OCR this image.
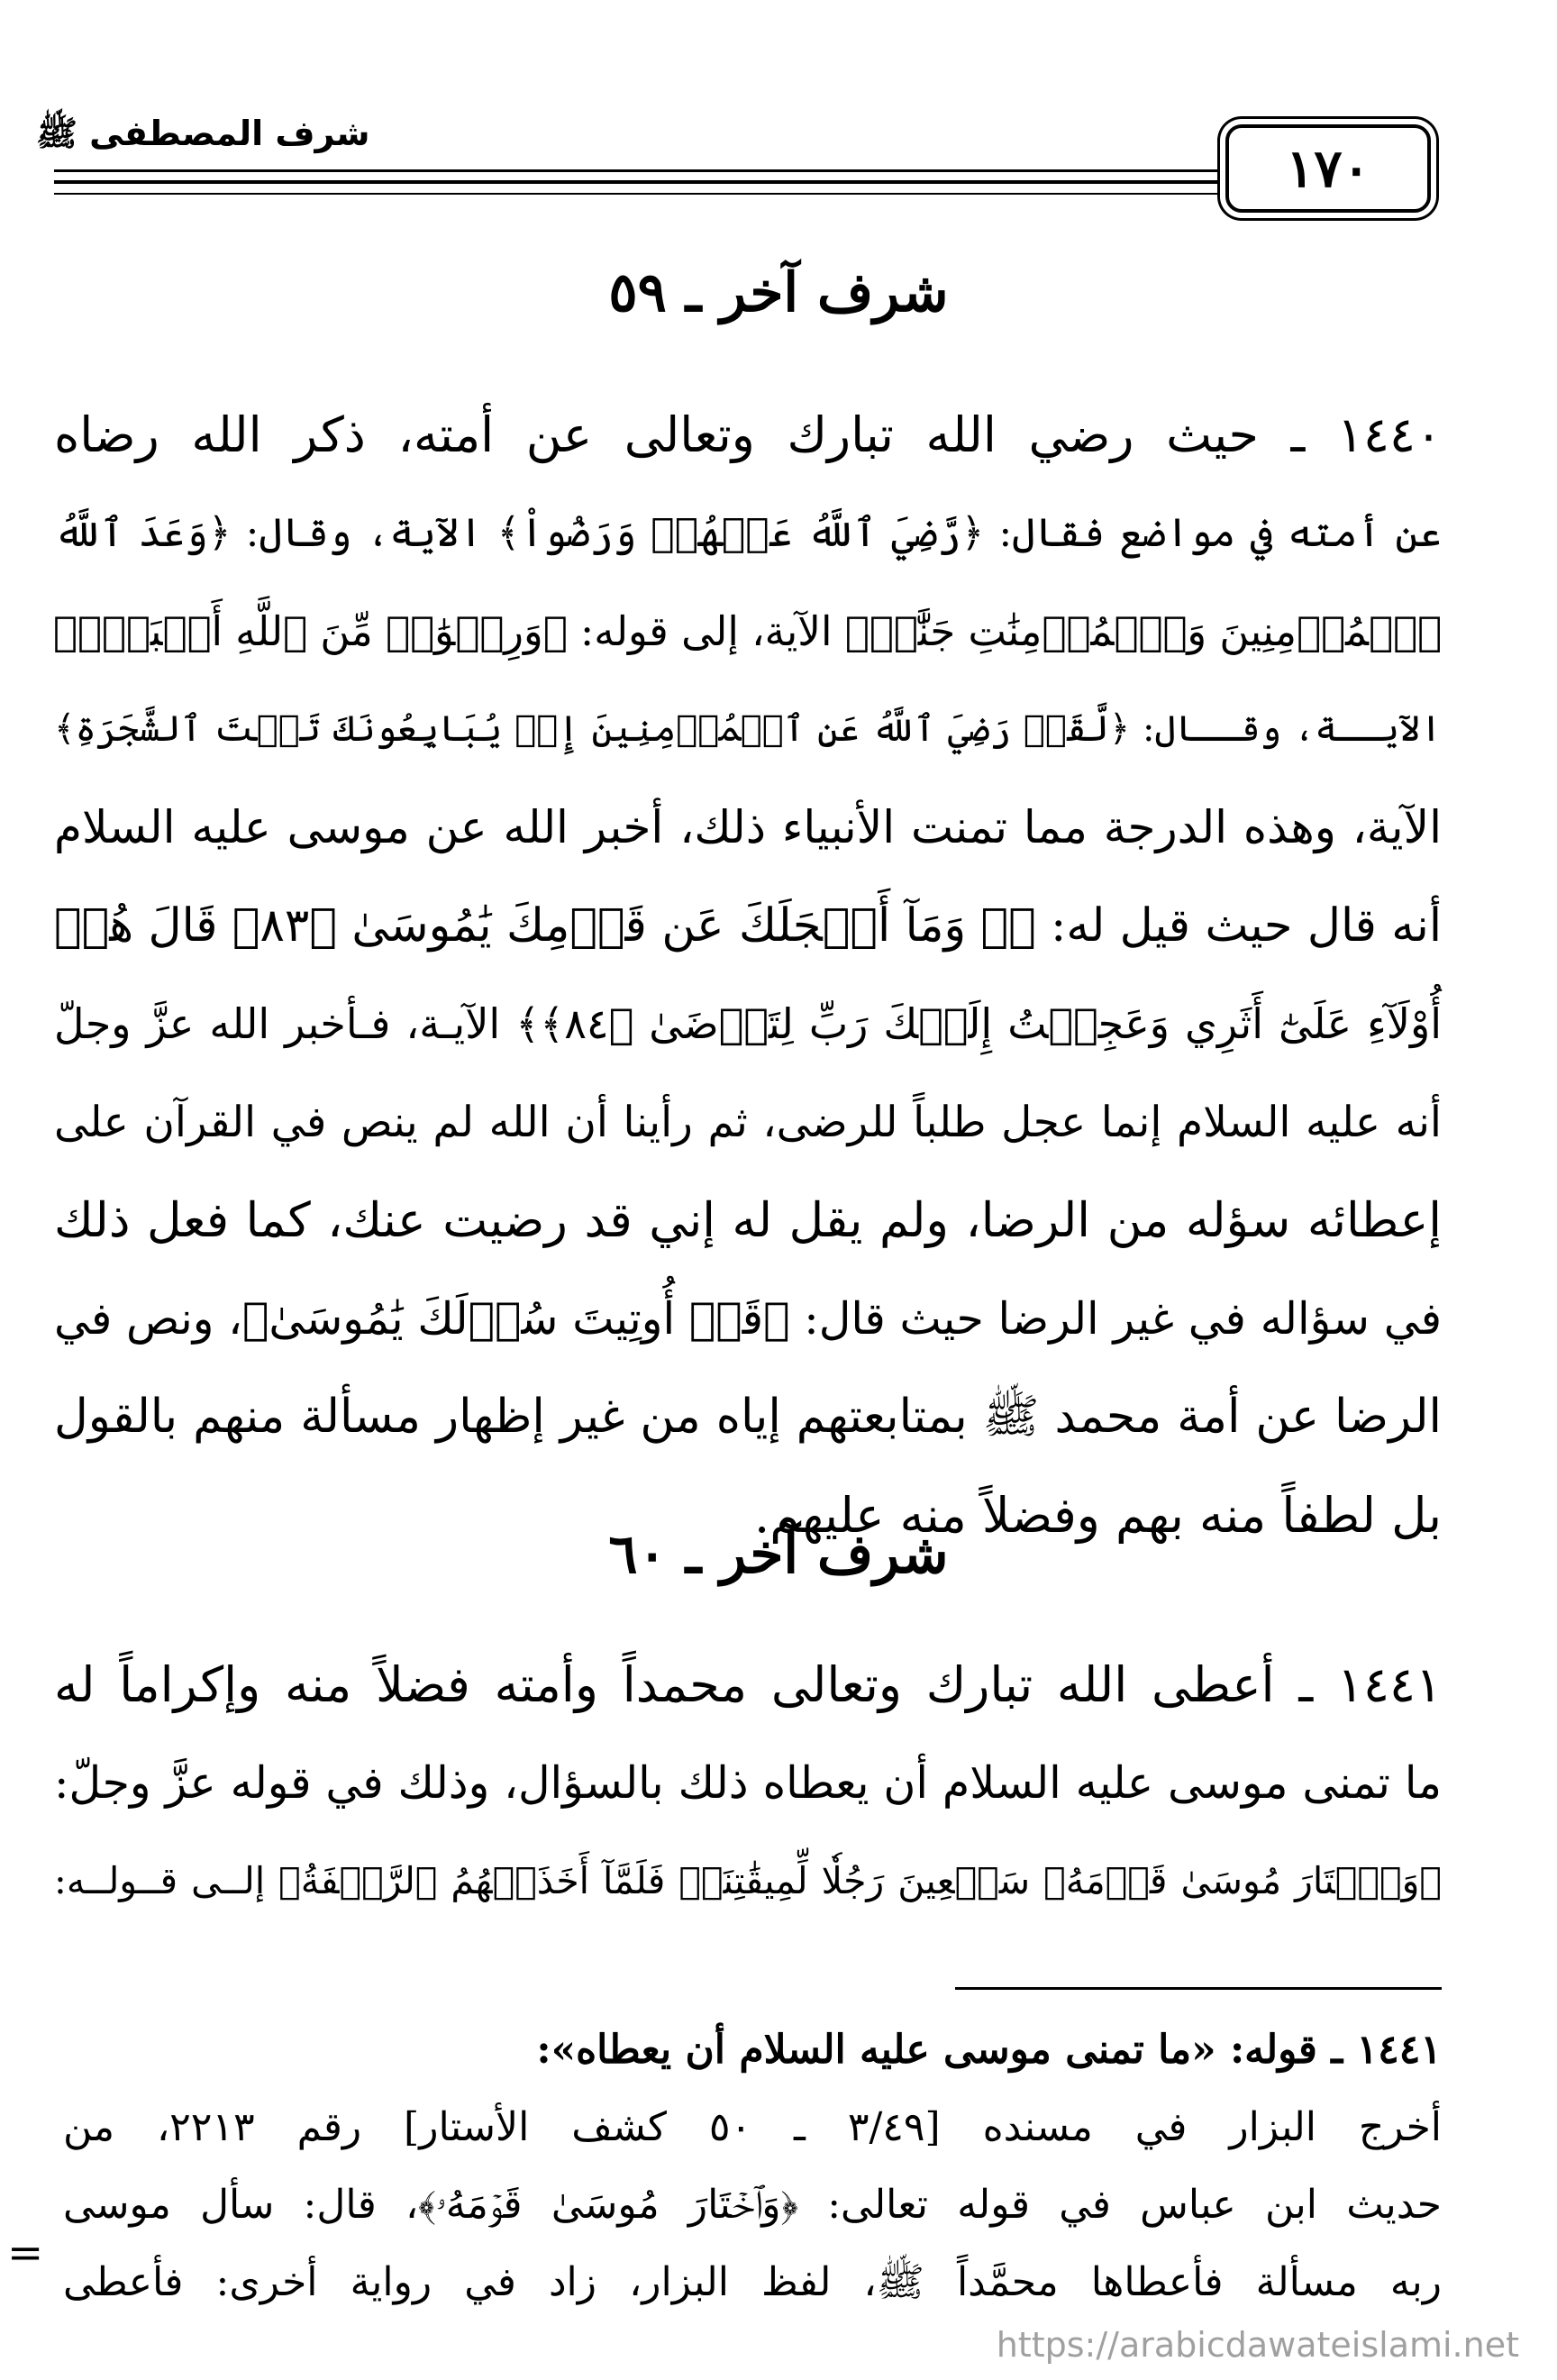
شرف المصطفى ﷺ
١٧٠
شرف آخر ـ ٥٩
١٤٤٠ ـ حيث رضي الله تبارك وتعالى عن أمته، ذكر الله رضاه
عن أمته في مواضع فقال: ﴿رَّضِيَ ٱللَّهُ عَنۡهُمۡ وَرَضُواْ﴾ الآية، وقال: ﴿وَعَدَ ٱللَّهُ
ٱلۡمُؤۡمِنِينَ وَٱلۡمُؤۡمِنَٰتِ جَنَّٰتٖ﴾ الآية، إلى قوله: ﴿وَرِضۡوَٰنٞ مِّنَ ٱللَّهِ أَكۡبَرُۚ﴾
الآيــة، وقــال: ﴿لَّقَدۡ رَضِيَ ٱللَّهُ عَنِ ٱلۡمُؤۡمِنِينَ إِذۡ يُبَايِعُونَكَ تَحۡتَ ٱلشَّجَرَةِ﴾
الآية، وهذه الدرجة مما تمنت الأنبياء ذلك، أخبر الله عن موسى عليه السلام
أنه قال حيث قيل له: ﴿۞ وَمَآ أَعۡجَلَكَ عَن قَوۡمِكَ يَٰمُوسَىٰ ﴿٨٣﴾ قَالَ هُمۡ
أُوْلَآءِ عَلَىٰٓ أَثَرِي وَعَجِلۡتُ إِلَيۡكَ رَبِّ لِتَرۡضَىٰ ﴿٨٤﴾﴾ الآيـة، فـأخبر الله عزَّ وجلّ
أنه عليه السلام إنما عجل طلباً للرضى، ثم رأينا أن الله لم ينص في القرآن على
إعطائه سؤله من الرضا، ولم يقل له إني قد رضيت عنك، كما فعل ذلك
في سؤاله في غير الرضا حيث قال: ﴿قَدۡ أُوتِيتَ سُؤۡلَكَ يَٰمُوسَىٰ﴾، ونص في
الرضا عن أمة محمد ﷺ بمتابعتهم إياه من غير إظهار مسألة منهم بالقول
بل لطفاً منه بهم وفضلاً منه عليهم.
شرف آخر ـ ٦٠
١٤٤١ ـ أعطى الله تبارك وتعالى محمداً وأمته فضلاً منه وإكراماً له
ما تمنى موسى عليه السلام أن يعطاه ذلك بالسؤال، وذلك في قوله عزَّ وجلّ:
﴿وَٱخۡتَارَ مُوسَىٰ قَوۡمَهُۥ سَبۡعِينَ رَجُلٗا لِّمِيقَٰتِنَاۖ فَلَمَّآ أَخَذَتۡهُمُ ٱلرَّجۡفَةُ﴾ إلــى قــولــه:
١٤٤١ ـ قوله: «ما تمنى موسى عليه السلام أن يعطاه»:
أخرج البزار في مسنده [٣/٤٩ ـ ٥٠ كشف الأستار] رقم ٢٢١٣، من
حديث ابن عباس في قوله تعالى: ﴿وَٱخۡتَارَ مُوسَىٰ قَوۡمَهُۥ﴾، قال: سأل موسى
ربه مسألة فأعطاها محمَّداً ﷺ، لفظ البزار، زاد في رواية أخرى: فأعطى
=
https://arabicdawateislami.net
